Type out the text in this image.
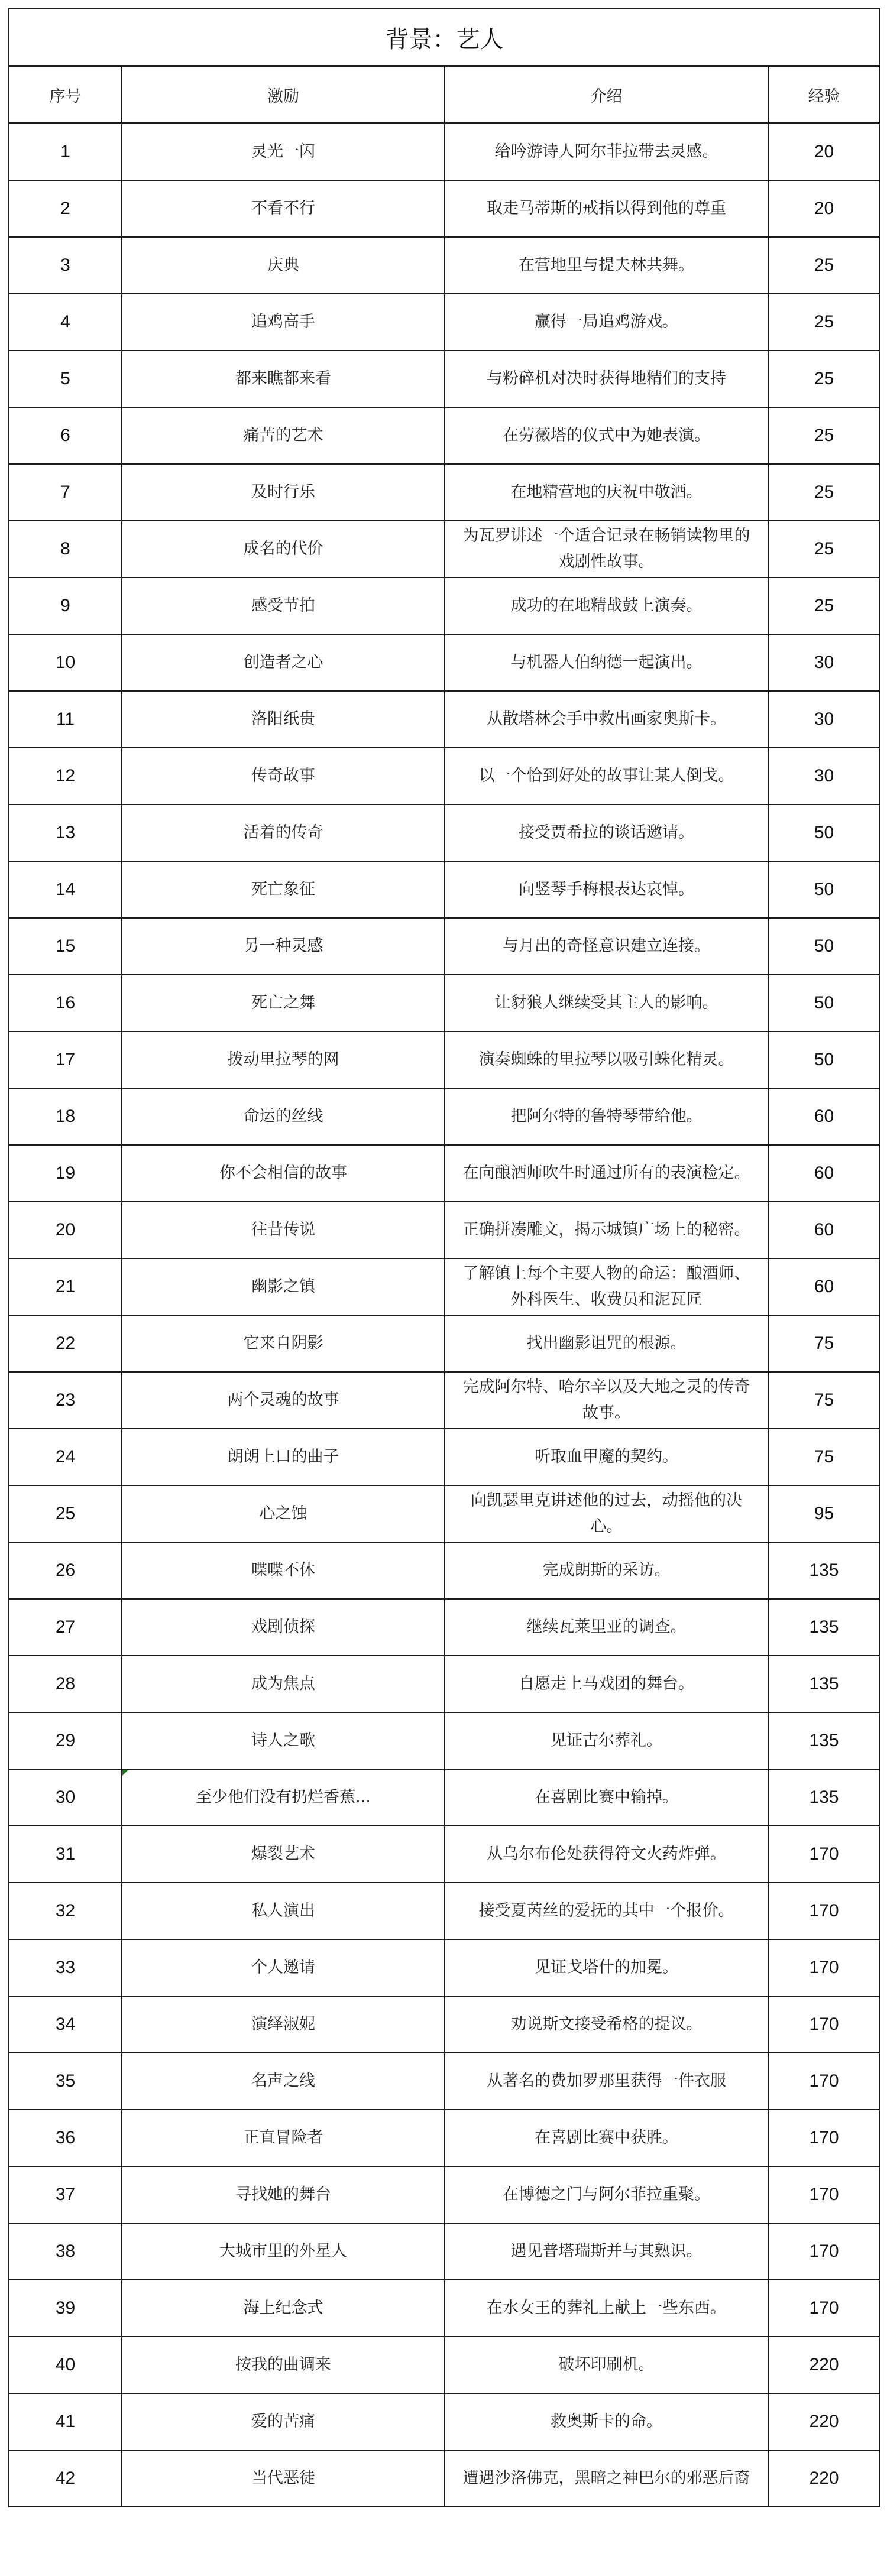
背景：艺人			
序号	激励	介绍	经验
1	灵光一闪	给吟游诗人阿尔菲拉带去灵感。	20
2	不看不行	取走马蒂斯的戒指以得到他的尊重	20
3	庆典	在营地里与提夫林共舞。	25
4	追鸡高手	赢得一局追鸡游戏。	25
5	都来瞧都来看	与粉碎机对决时获得地精们的支持	25
6	痛苦的艺术	在劳薇塔的仪式中为她表演。	25
7	及时行乐	在地精营地的庆祝中敬酒。	25
8	成名的代价	为瓦罗讲述一个适合记录在畅销读物里的戏剧性故事。	25
9	感受节拍	成功的在地精战鼓上演奏。	25
10	创造者之心	与机器人伯纳德一起演出。	30
11	洛阳纸贵	从散塔林会手中救出画家奥斯卡。	30
12	传奇故事	以一个恰到好处的故事让某人倒戈。	30
13	活着的传奇	接受贾希拉的谈话邀请。	50
14	死亡象征	向竖琴手梅根表达哀悼。	50
15	另一种灵感	与月出的奇怪意识建立连接。	50
16	死亡之舞	让豺狼人继续受其主人的影响。	50
17	拨动里拉琴的网	演奏蜘蛛的里拉琴以吸引蛛化精灵。	50
18	命运的丝线	把阿尔特的鲁特琴带给他。	60
19	你不会相信的故事	在向酿酒师吹牛时通过所有的表演检定。	60
20	往昔传说	正确拼凑雕文，揭示城镇广场上的秘密。	60
21	幽影之镇	了解镇上每个主要人物的命运：酿酒师、外科医生、收费员和泥瓦匠	60
22	它来自阴影	找出幽影诅咒的根源。	75
23	两个灵魂的故事	完成阿尔特、哈尔辛以及大地之灵的传奇故事。	75
24	朗朗上口的曲子	听取血甲魔的契约。	75
25	心之蚀	向凯瑟里克讲述他的过去，动摇他的决心。	95
26	喋喋不休	完成朗斯的采访。	135
27	戏剧侦探	继续瓦莱里亚的调查。	135
28	成为焦点	自愿走上马戏团的舞台。	135
29	诗人之歌	见证古尔葬礼。	135
30	至少他们没有扔烂香蕉...	在喜剧比赛中输掉。	135
31	爆裂艺术	从乌尔布伦处获得符文火药炸弹。	170
32	私人演出	接受夏芮丝的爱抚的其中一个报价。	170
33	个人邀请	见证戈塔什的加冕。	170
34	演绎淑妮	劝说斯文接受希格的提议。	170
35	名声之线	从著名的费加罗那里获得一件衣服	170
36	正直冒险者	在喜剧比赛中获胜。	170
37	寻找她的舞台	在博德之门与阿尔菲拉重聚。	170
38	大城市里的外星人	遇见普塔瑞斯并与其熟识。	170
39	海上纪念式	在水女王的葬礼上献上一些东西。	170
40	按我的曲调来	破坏印刷机。	220
41	爱的苦痛	救奥斯卡的命。	220
42	当代恶徒	遭遇沙洛佛克，黑暗之神巴尔的邪恶后裔	220
